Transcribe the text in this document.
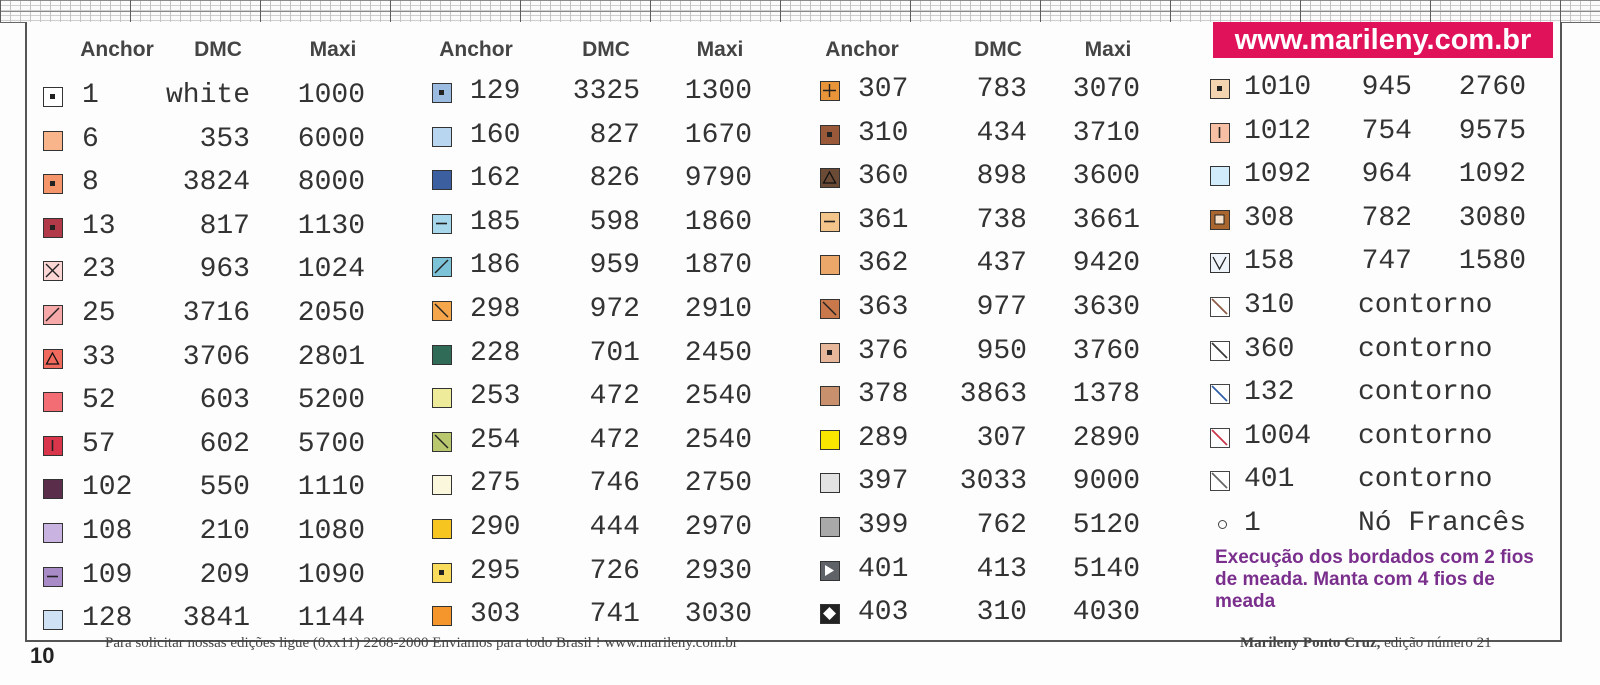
www.marileny.com.br
Anchor	DMC	Maxi
1	white	1000
6	353	6000
8	3824	8000
13	817	1130
23	963	1024
25	3716	2050
33	3706	2801
52	603	5200
57	602	5700
102	550	1110
108	210	1080
109	209	1090
128	3841	1144
Anchor	DMC	Maxi
129	3325	1300
160	827	1670
162	826	9790
185	598	1860
186	959	1870
298	972	2910
228	701	2450
253	472	2540
254	472	2540
275	746	2750
290	444	2970
295	726	2930
303	741	3030
Anchor	DMC	Maxi
307	783	3070
310	434	3710
360	898	3600
361	738	3661
362	437	9420
363	977	3630
376	950	3760
378	3863	1378
289	307	2890
397	3033	9000
399	762	5120
401	413	5140
403	310	4030
1010	945	2760
1012	754	9575
1092	964	1092
308	782	3080
158	747	1580
310 contorno
360 contorno
132 contorno
1004 contorno
401 contorno
1	Nó Francês
Execução dos bordados com 2 fios de meada. Manta com 4 fios de meada
10	Para solicitar nossas edições ligue (0xx11) 2268-2000 Enviamos para todo Brasil ! www.marileny.com.br	Marileny Ponto Cruz, edição número 21
